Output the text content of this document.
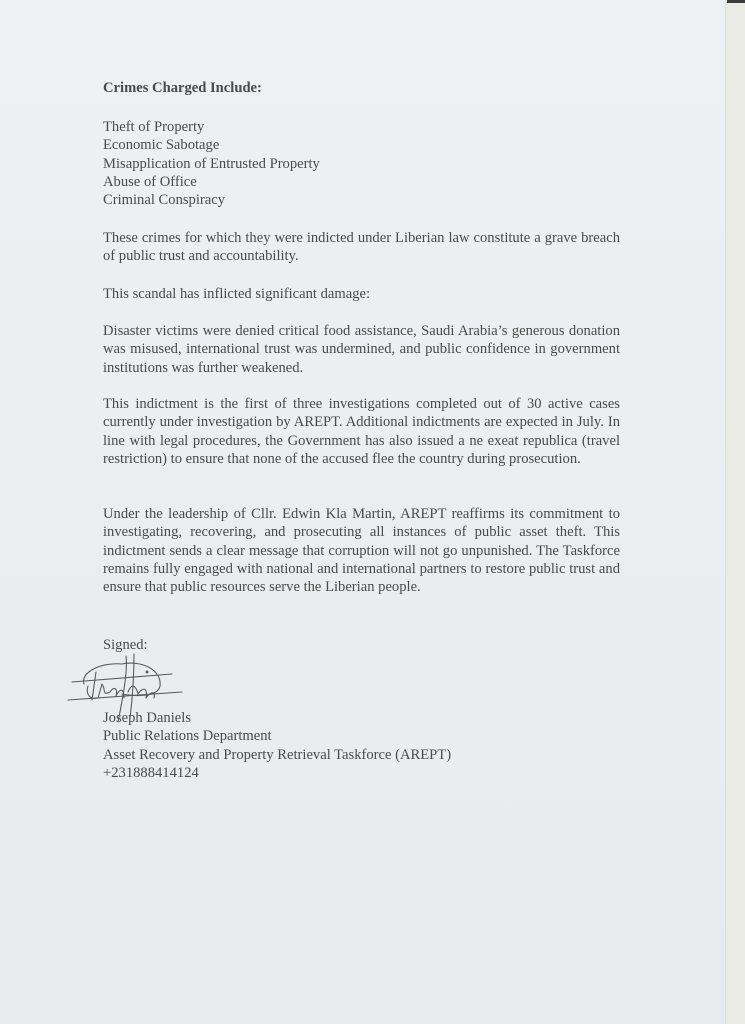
Crimes Charged Include:
Theft of Property
Economic Sabotage
Misapplication of Entrusted Property
Abuse of Office
Criminal Conspiracy

These crimes for which they were indicted under Liberian law constitute a grave breach of public trust and accountability.

This scandal has inflicted significant damage:

Disaster victims were denied critical food assistance, Saudi Arabia’s generous donation was misused, international trust was undermined, and public confidence in government institutions was further weakened.

This indictment is the first of three investigations completed out of 30 active cases currently under investigation by AREPT. Additional indictments are expected in July. In line with legal procedures, the Government has also issued a ne exeat republica (travel restriction) to ensure that none of the accused flee the country during prosecution.

Under the leadership of Cllr. Edwin Kla Martin, AREPT reaffirms its commitment to investigating, recovering, and prosecuting all instances of public asset theft. This indictment sends a clear message that corruption will not go unpunished. The Taskforce remains fully engaged with national and international partners to restore public trust and ensure that public resources serve the Liberian people.

Signed:
Joseph Daniels
Public Relations Department
Asset Recovery and Property Retrieval Taskforce (AREPT)
+231888414124
